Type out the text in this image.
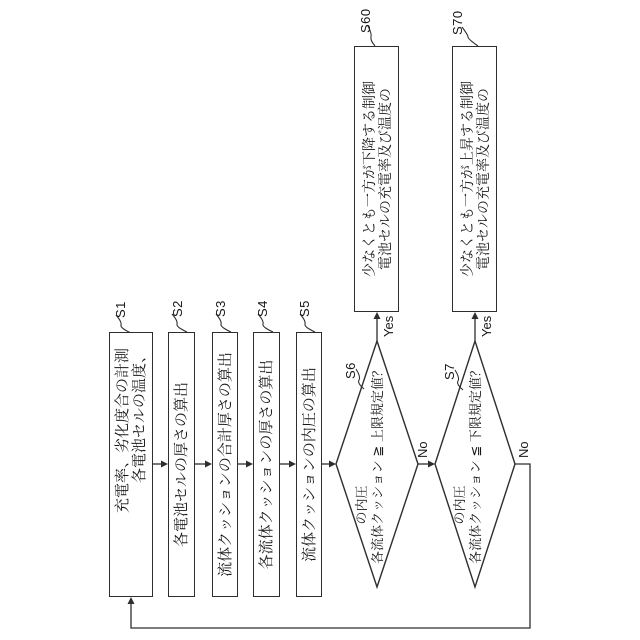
各電池セルの温度、
充電率、劣化度合の計測	各電池セルの厚さの算出 流体クッションの合計厚さの算出 各流体クッションの厚さの算出 流体クッションの内圧の算出
電池セルの充電率及び温度の
少なくとも一方が下降する制御	電池セルの充電率及び温度の
少なくとも一方が上昇する制御
の内圧 各流体クッション ≧ 上限規定値？	の内圧 各流体クッション ≦ 下限規定値？
S1	S2 S3 S4 S5
S6	S7
S60	S70
Yes
No
Yes
No
